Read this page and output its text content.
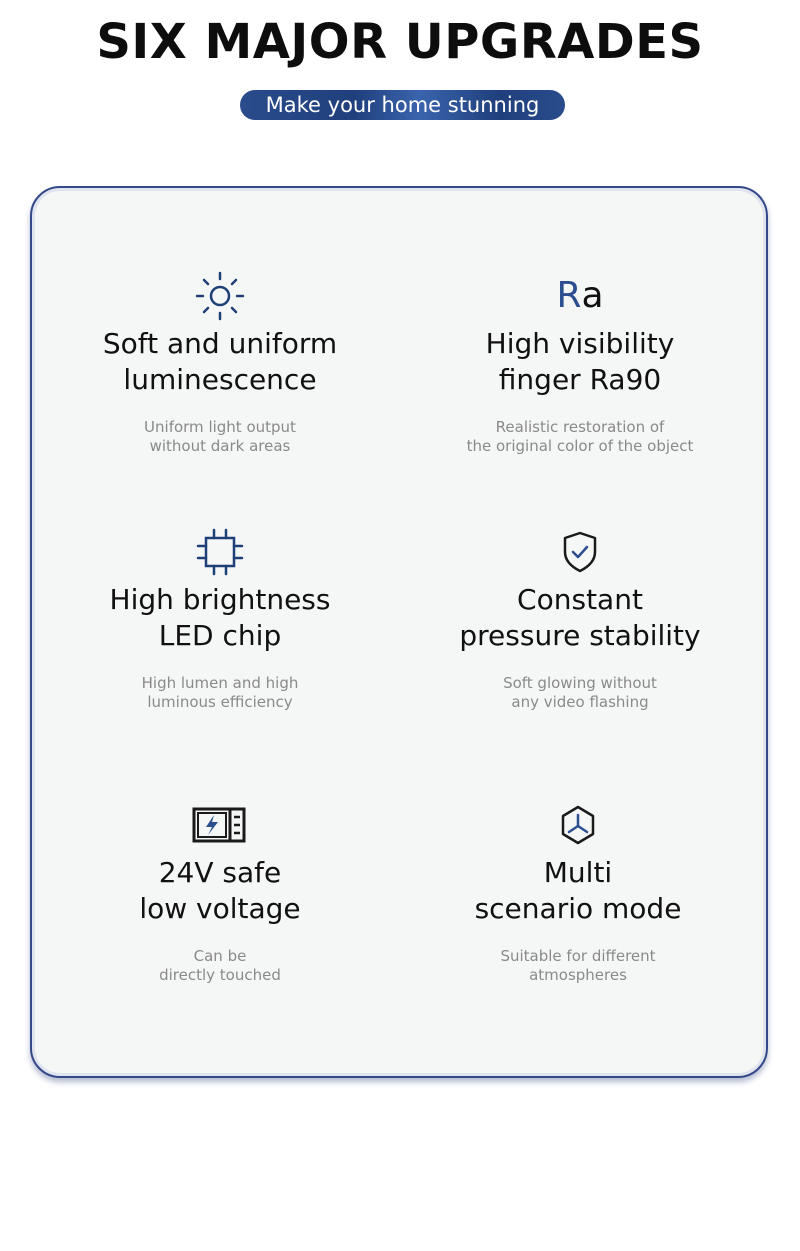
SIX MAJOR UPGRADES
Make your home stunning
Soft and uniform
luminescence
Uniform light output
without dark areas
R a
High visibility
finger Ra90
Realistic restoration of
the original color of the object
High brightness
LED chip
High lumen and high
luminous efficiency
Constant
pressure stability
Soft glowing without
any video flashing
24V safe
low voltage
Can be
directly touched
Multi
scenario mode
Suitable for different
atmospheres
